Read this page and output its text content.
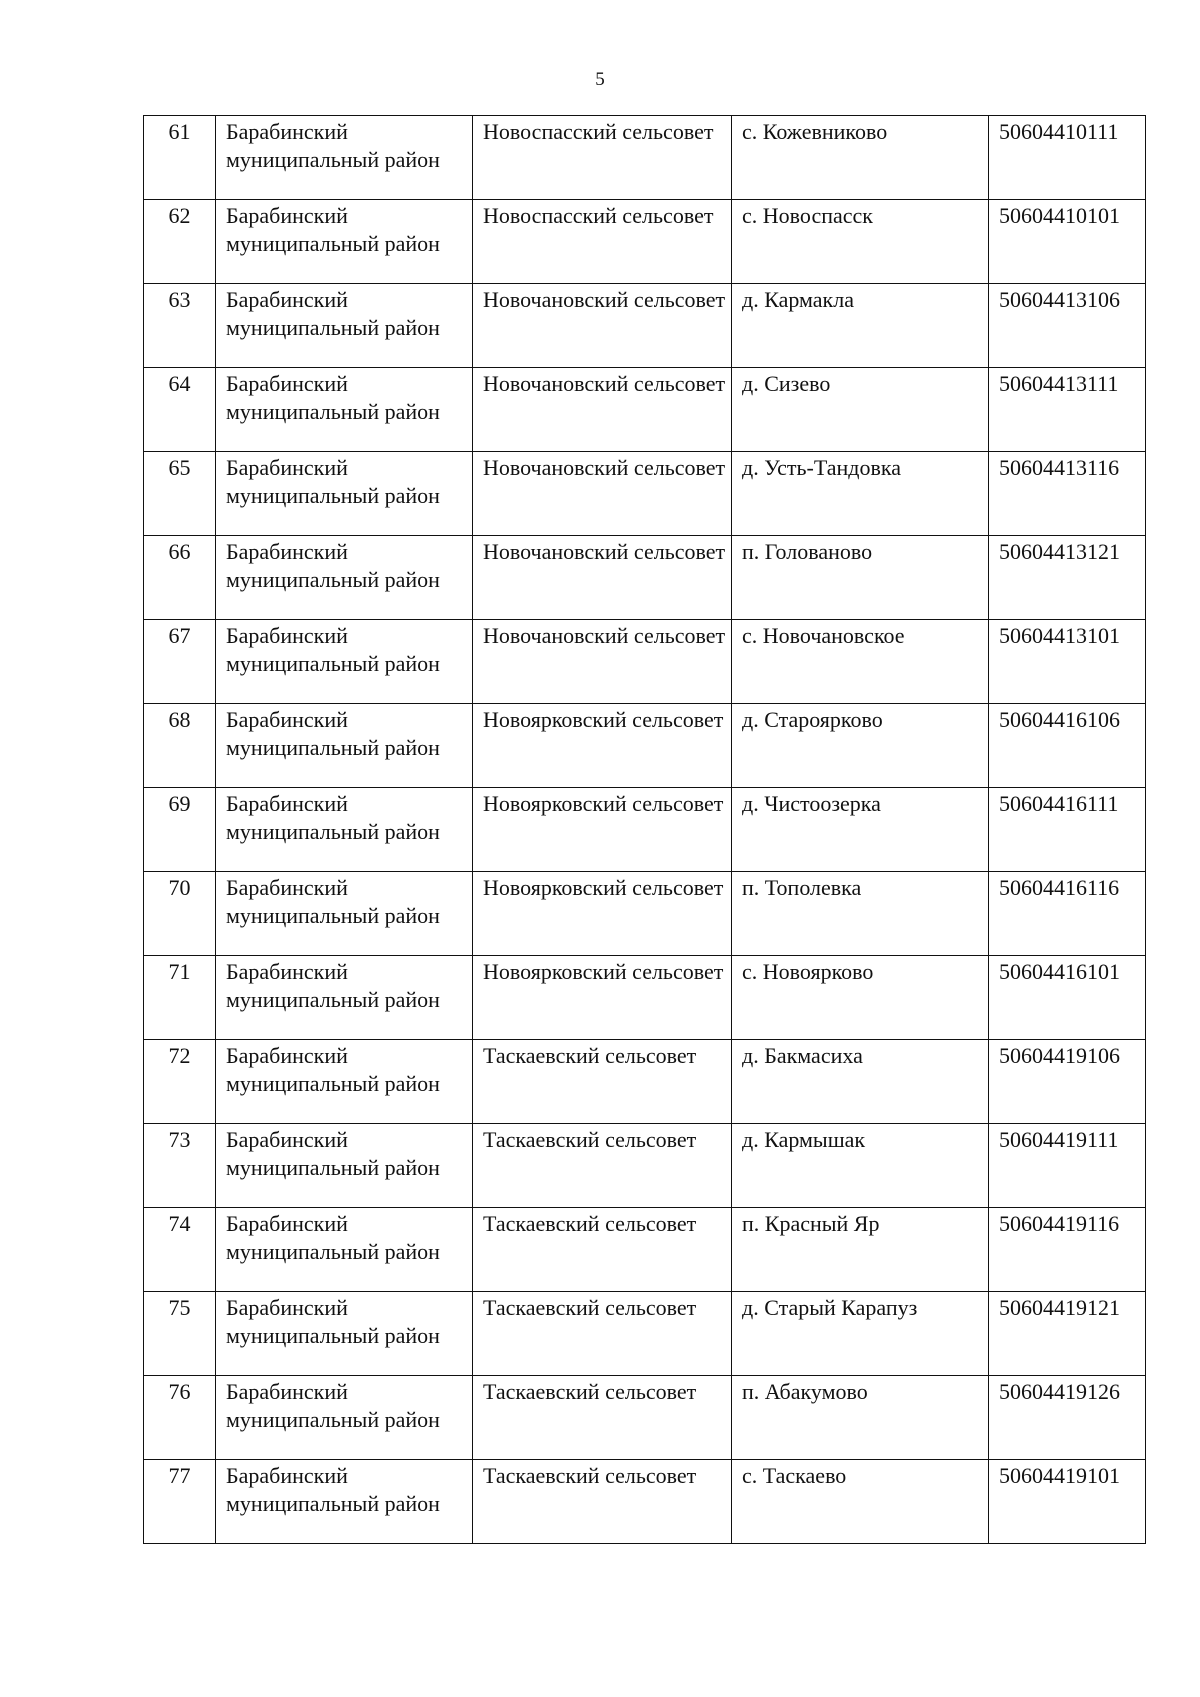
5
61	Барабинский муниципальный район	Новоспасский сельсовет	с. Кожевниково	50604410111
62	Барабинский муниципальный район	Новоспасский сельсовет	с. Новоспасск	50604410101
63	Барабинский муниципальный район	Новочановский сельсовет	д. Кармакла	50604413106
64	Барабинский муниципальный район	Новочановский сельсовет	д. Сизево	50604413111
65	Барабинский муниципальный район	Новочановский сельсовет	д. Усть-Тандовка	50604413116
66	Барабинский муниципальный район	Новочановский сельсовет	п. Голованово	50604413121
67	Барабинский муниципальный район	Новочановский сельсовет	с. Новочановское	50604413101
68	Барабинский муниципальный район	Новоярковский сельсовет	д. Староярково	50604416106
69	Барабинский муниципальный район	Новоярковский сельсовет	д. Чистоозерка	50604416111
70	Барабинский муниципальный район	Новоярковский сельсовет	п. Тополевка	50604416116
71	Барабинский муниципальный район	Новоярковский сельсовет	с. Новоярково	50604416101
72	Барабинский муниципальный район	Таскаевский сельсовет	д. Бакмасиха	50604419106
73	Барабинский муниципальный район	Таскаевский сельсовет	д. Кармышак	50604419111
74	Барабинский муниципальный район	Таскаевский сельсовет	п. Красный Яр	50604419116
75	Барабинский муниципальный район	Таскаевский сельсовет	д. Старый Карапуз	50604419121
76	Барабинский муниципальный район	Таскаевский сельсовет	п. Абакумово	50604419126
77	Барабинский муниципальный район	Таскаевский сельсовет	с. Таскаево	50604419101
